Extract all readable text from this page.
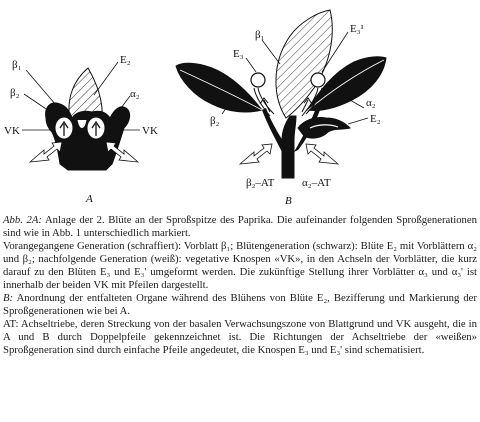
β₁
β₂
E₂
α₂
VK	VK
A
β₁
E₃
E₃¹
α₂
E₂
β₂
β₂–AT	α₂–AT
B

Abb. 2A: Anlage der 2. Blüte an der Sproßspitze des Paprika. Die aufeinander folgenden Sproßgenerationen sind wie in Abb. 1 unterschiedlich markiert.

Vorangegangene Generation (schraffiert): Vorblatt β₁; Blütengeneration (schwarz): Blüte E₂ mit Vorblättern α₂ und β₂; nachfolgende Generation (weiß): vegetative Knospen «VK», in den Achseln der Vorblätter, die kurz darauf zu den Blüten E₃ und E₃' umgeformt werden. Die zukünftige Stellung ihrer Vorblätter α₃ und α₃' ist innerhalb der beiden VK mit Pfeilen dargestellt.

B: Anordnung der entfalteten Organe während des Blühens von Blüte E₂, Bezifferung und Markierung der Sproßgenerationen wie bei A.

AT: Achseltriebe, deren Streckung von der basalen Verwachsungszone von Blattgrund und VK ausgeht, die in A und B durch Doppelpfeile gekennzeichnet ist. Die Richtungen der Achseltriebe der «weißen» Sproßgeneration sind durch einfache Pfeile angedeutet, die Knospen E₃ und E₃' sind schematisiert.
